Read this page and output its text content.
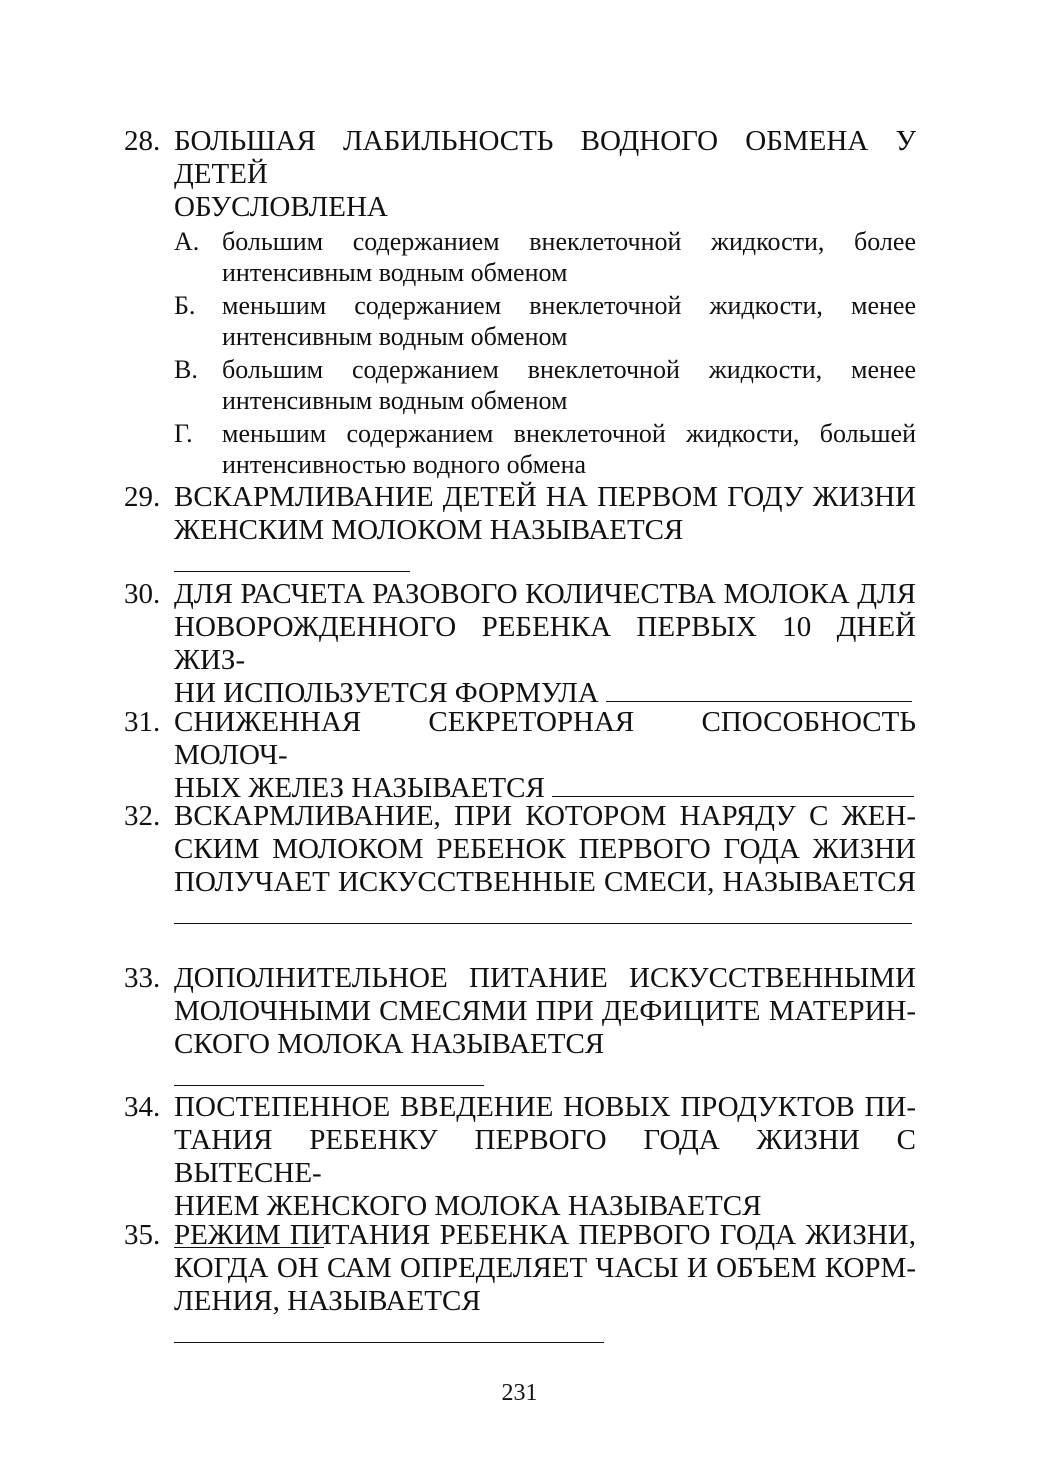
28. БОЛЬШАЯ ЛАБИЛЬНОСТЬ ВОДНОГО ОБМЕНА У ДЕТЕЙ
ОБУСЛОВЛЕНА
А. большим содержанием внеклеточной жидкости, более
интенсивным водным обменом
Б.	меньшим содержанием внеклеточной жидкости, менее
интенсивным водным обменом
В. большим содержанием внеклеточной жидкости, менее
интенсивным водным обменом
Г.	меньшим содержанием внеклеточной жидкости, большей
интенсивностью водного обмена
29. ВСКАРМЛИВАНИЕ ДЕТЕЙ НА ПЕРВОМ ГОДУ ЖИЗНИ
ЖЕНСКИМ МОЛОКОМ НАЗЫВАЕТСЯ
30. ДЛЯ РАСЧЕТА РАЗОВОГО КОЛИЧЕСТВА МОЛОКА ДЛЯ НОВОРОЖДЕННОГО РЕБЕНКА ПЕРВЫХ 10 ДНЕЙ ЖИЗ-
НИ ИСПОЛЬЗУЕТСЯ ФОРМУЛА
31. СНИЖЕННАЯ СЕКРЕТОРНАЯ СПОСОБНОСТЬ МОЛОЧ-
НЫХ ЖЕЛЕЗ НАЗЫВАЕТСЯ
32. ВСКАРМЛИВАНИЕ, ПРИ КОТОРОМ НАРЯДУ С ЖЕН- СКИМ МОЛОКОМ РЕБЕНОК ПЕРВОГО ГОДА ЖИЗНИ ПОЛУЧАЕТ ИСКУССТВЕННЫЕ СМЕСИ, НАЗЫВАЕТСЯ
33. ДОПОЛНИТЕЛЬНОЕ ПИТАНИЕ ИСКУССТВЕННЫМИ МОЛОЧНЫМИ СМЕСЯМИ ПРИ ДЕФИЦИТЕ МАТЕРИН-
СКОГО МОЛОКА НАЗЫВАЕТСЯ
34. ПОСТЕПЕННОЕ ВВЕДЕНИЕ НОВЫХ ПРОДУКТОВ ПИ- ТАНИЯ РЕБЕНКУ ПЕРВОГО ГОДА ЖИЗНИ С ВЫТЕСНЕ-
НИЕМ ЖЕНСКОГО МОЛОКА НАЗЫВАЕТСЯ
35. РЕЖИМ ПИТАНИЯ РЕБЕНКА ПЕРВОГО ГОДА ЖИЗНИ, КОГДА ОН САМ ОПРЕДЕЛЯЕТ ЧАСЫ И ОБЪЕМ КОРМ-
ЛЕНИЯ, НАЗЫВАЕТСЯ
231
